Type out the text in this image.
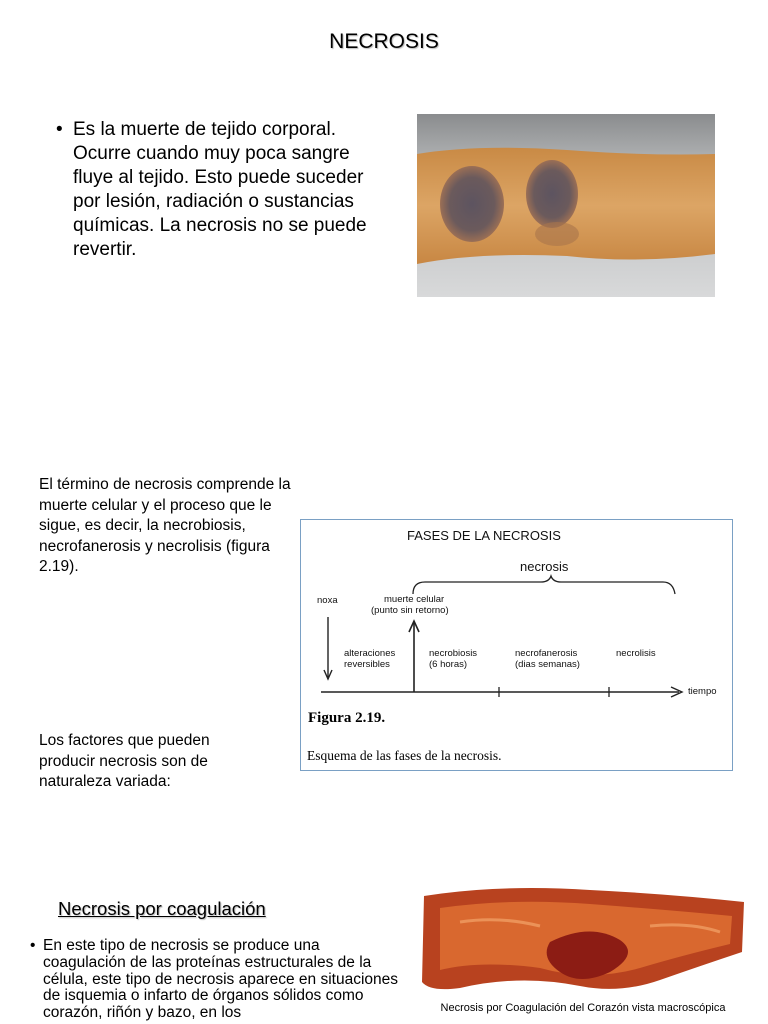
NECROSIS
• Es la muerte de tejido corporal. Ocurre cuando muy poca sangre fluye al tejido. Esto puede suceder por lesión, radiación o sustancias químicas. La necrosis no se puede revertir.
El término de necrosis comprende la muerte celular y el proceso que le sigue, es decir, la necrobiosis, necrofanerosis y necrolisis (figura 2.19).
Los factores que pueden producir necrosis son de naturaleza variada:
FASES DE LA NECROSIS
necrosis
noxa	muerte celular
(punto sin retorno)
alteraciones
reversibles
necrobiosis
(6 horas)
necrofanerosis
(dias semanas)
necrolisis
tiempo
Figura 2.19.
Esquema de las fases de la necrosis.
Necrosis por coagulación
• En este tipo de necrosis se produce una coagulación de las proteínas estructurales de la célula, este tipo de necrosis aparece en situaciones de isquemia o infarto de órganos sólidos como corazón, riñón y bazo, en los	Necrosis por Coagulación del Corazón vista macroscópica
